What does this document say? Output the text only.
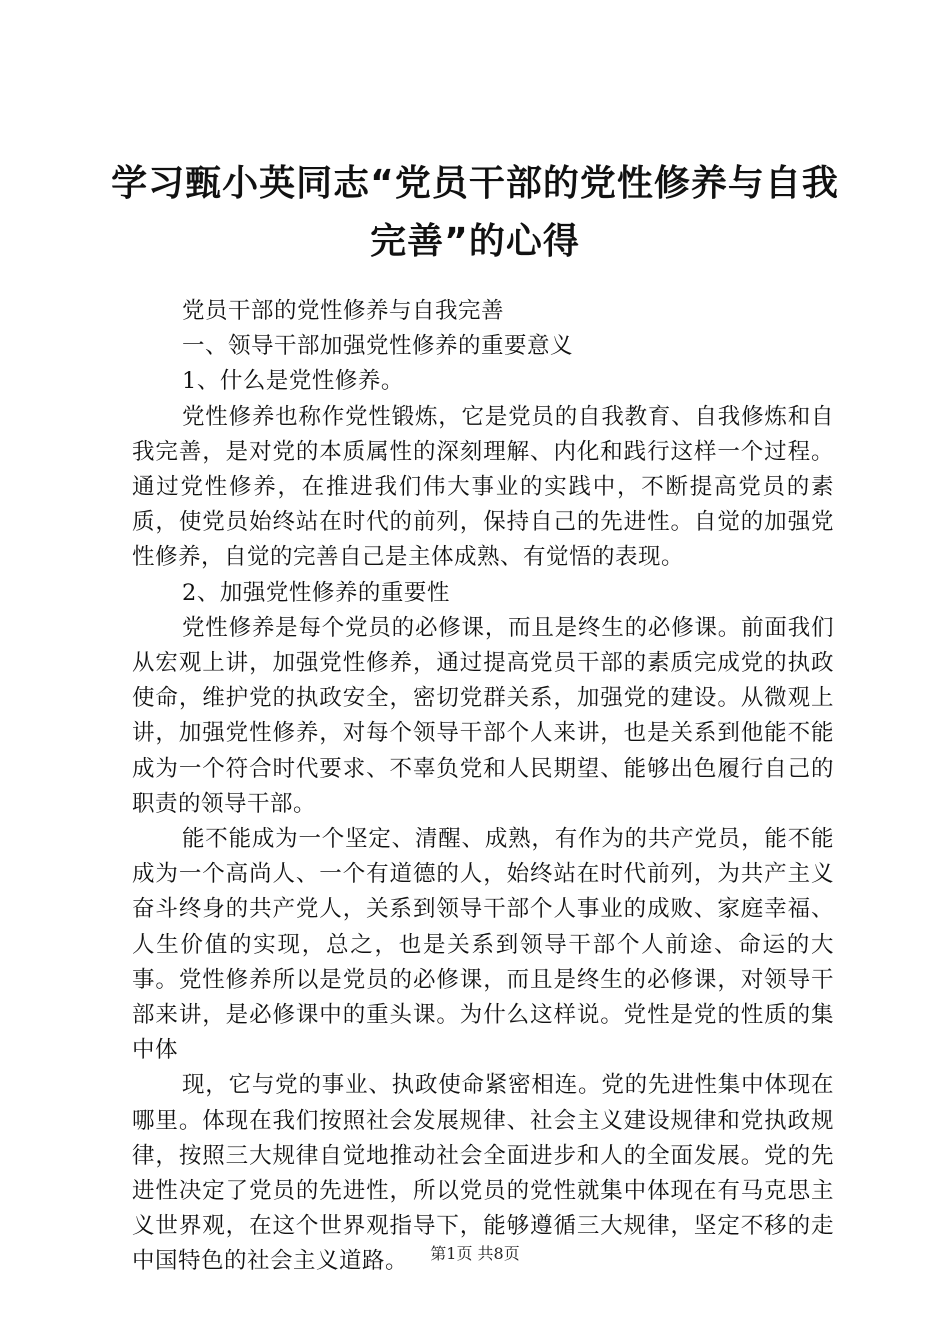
学习甄小英同志“党员干部的党性修养与自我
完善”的心得

党员干部的党性修养与自我完善

一、领导干部加强党性修养的重要意义

1、什么是党性修养。

党性修养也称作党性锻炼，它是党员的自我教育、自我修炼和自我完善，是对党的本质属性的深刻理解、内化和践行这样一个过程。通过党性修养，在推进我们伟大事业的实践中，不断提高党员的素质，使党员始终站在时代的前列，保持自己的先进性。自觉的加强党性修养，自觉的完善自己是主体成熟、有觉悟的表现。

2、加强党性修养的重要性

党性修养是每个党员的必修课，而且是终生的必修课。前面我们从宏观上讲，加强党性修养，通过提高党员干部的素质完成党的执政使命，维护党的执政安全，密切党群关系，加强党的建设。从微观上讲，加强党性修养，对每个领导干部个人来讲，也是关系到他能不能成为一个符合时代要求、不辜负党和人民期望、能够出色履行自己的职责的领导干部。

能不能成为一个坚定、清醒、成熟，有作为的共产党员，能不能成为一个高尚人、一个有道德的人，始终站在时代前列，为共产主义奋斗终身的共产党人，关系到领导干部个人事业的成败、家庭幸福、人生价值的实现，总之，也是关系到领导干部个人前途、命运的大事。党性修养所以是党员的必修课，而且是终生的必修课，对领导干部来讲，是必修课中的重头课。为什么这样说。党性是党的性质的集中体

现，它与党的事业、执政使命紧密相连。党的先进性集中体现在哪里。体现在我们按照社会发展规律、社会主义建设规律和党执政规律，按照三大规律自觉地推动社会全面进步和人的全面发展。党的先进性决定了党员的先进性，所以党员的党性就集中体现在有马克思主义世界观，在这个世界观指导下，能够遵循三大规律，坚定不移的走中国特色的社会主义道路。	第1页 共8页
